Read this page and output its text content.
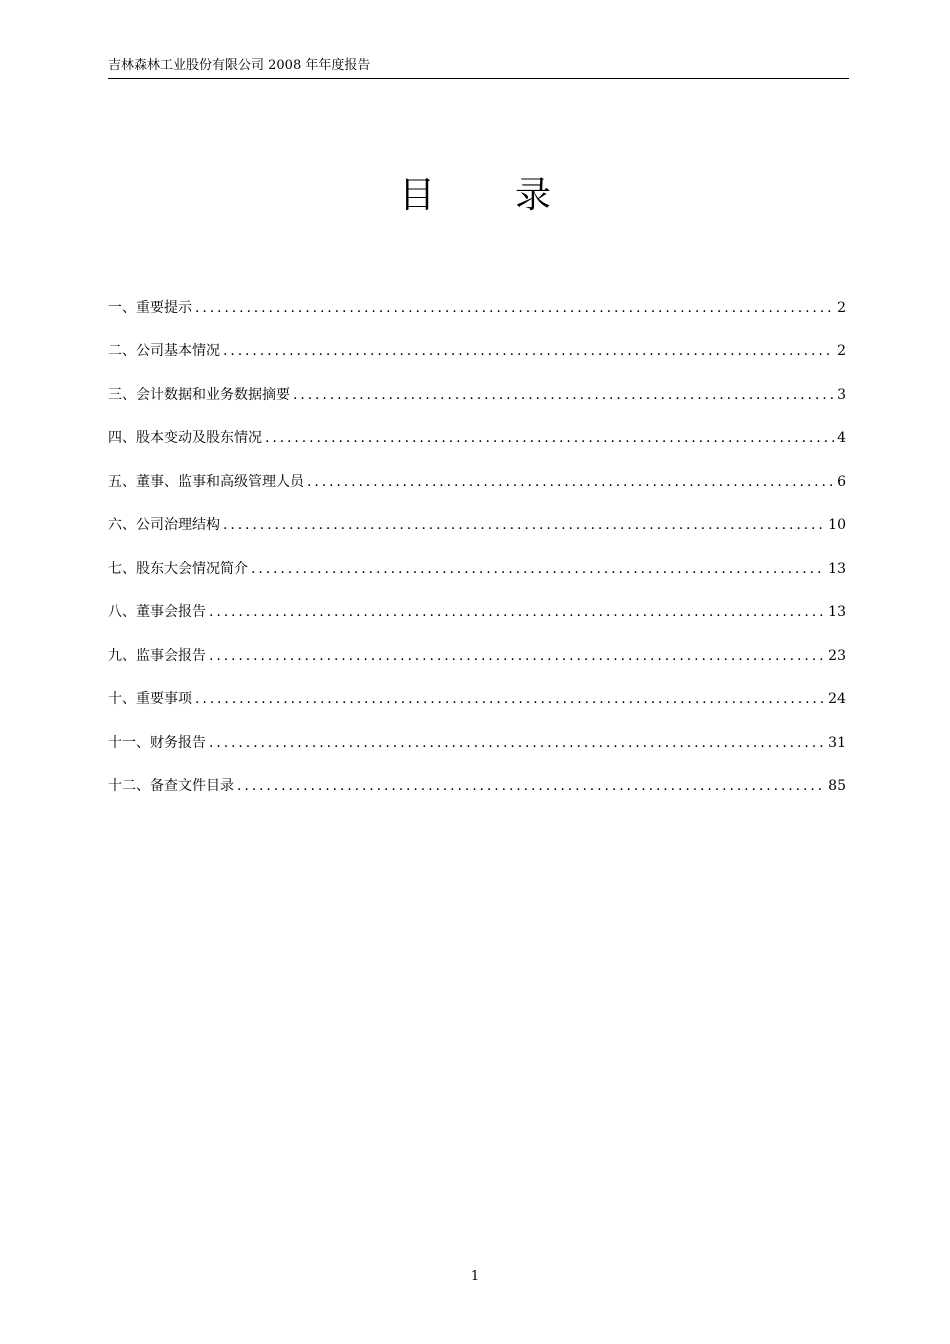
吉林森林工业股份有限公司 2008 年年度报告
目 录
一、重要提示 .....	2
二、公司基本情况 .....	2
三、会计数据和业务数据摘要 .....	3
四、股本变动及股东情况 .....	4
五、董事、监事和高级管理人员 .....	6
六、公司治理结构 .....	10
七、股东大会情况简介 .....	13
八、董事会报告 .....	13
九、监事会报告 .....	23
十、重要事项 .....	24
十一、财务报告 .....	31
十二、备查文件目录 .....	85
1
